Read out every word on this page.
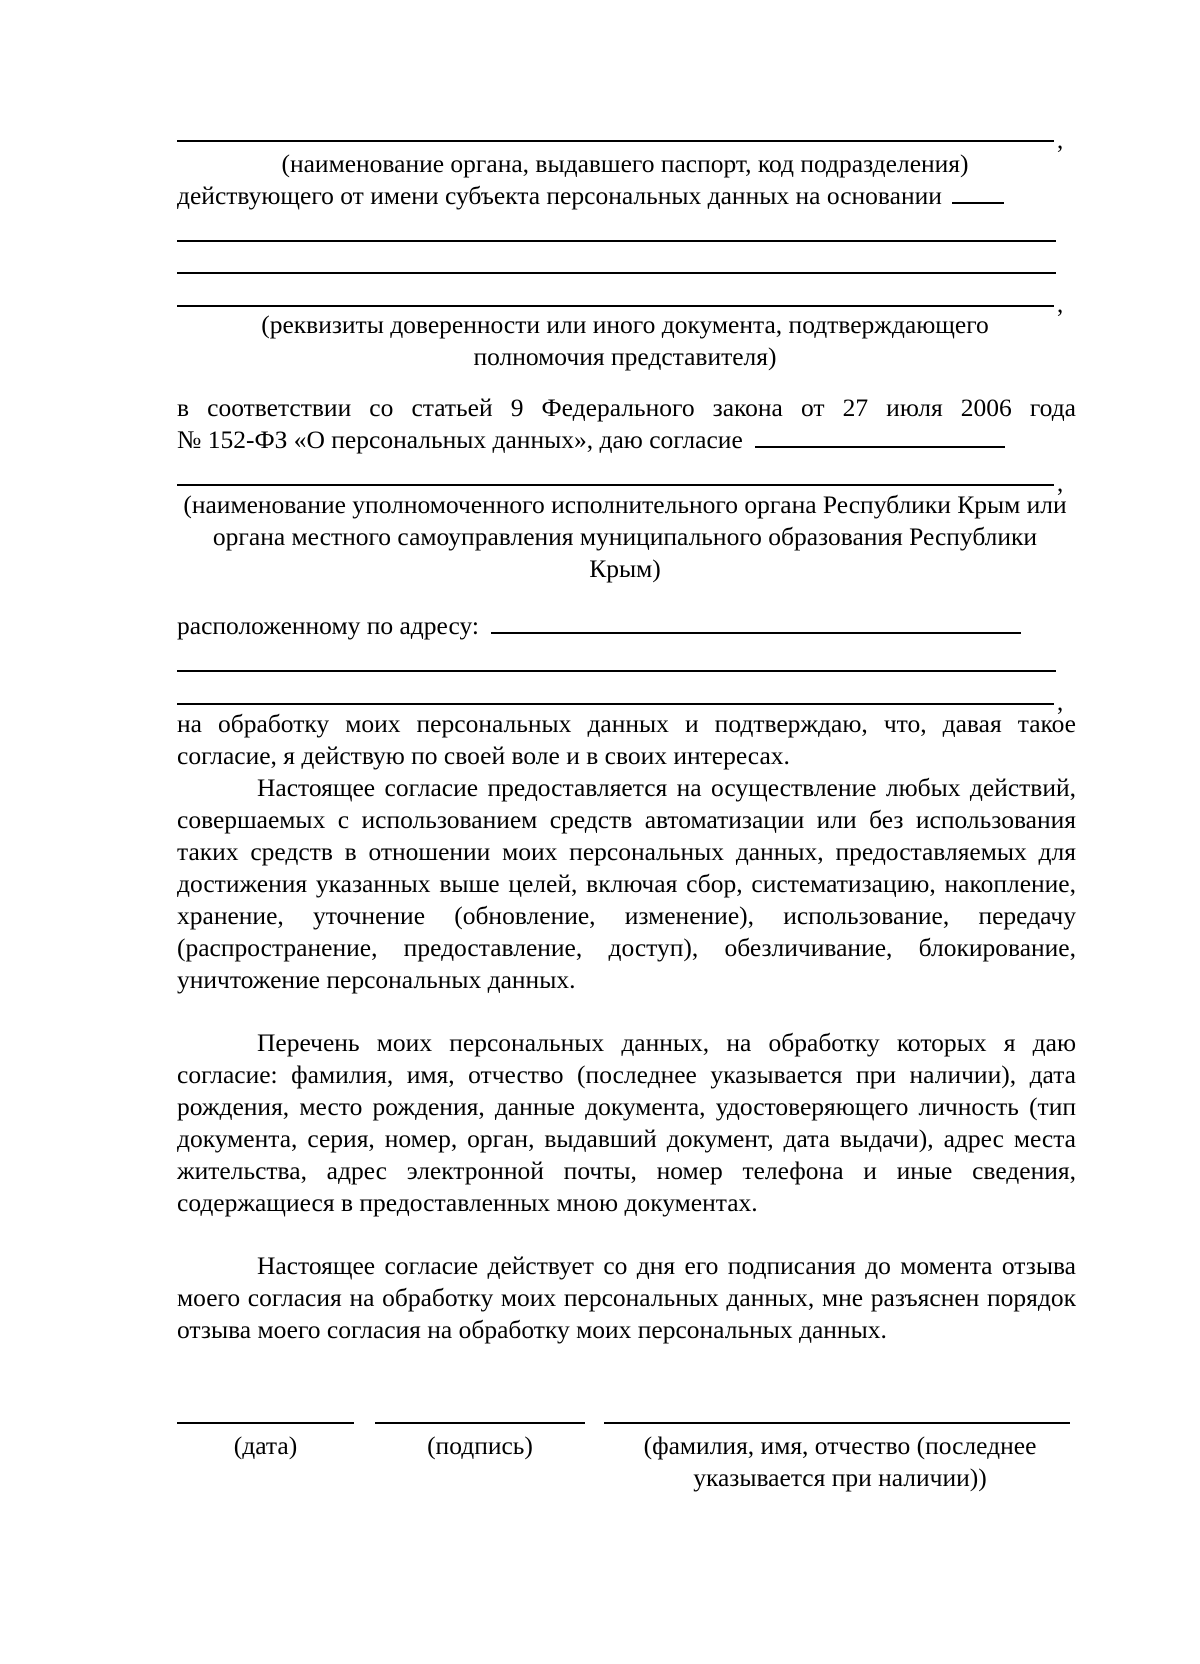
,
(наименование органа, выдавшего паспорт, код подразделения)
действующего от имени субъекта персональных данных на основании
,
(реквизиты доверенности или иного документа, подтверждающего полномочия представителя)
в соответствии со статьей 9 Федерального закона от 27 июля 2006 года
№ 152-ФЗ «О персональных данных», даю согласие
,
(наименование уполномоченного исполнительного органа Республики Крым или органа местного самоуправления муниципального образования Республики Крым)
расположенному по адресу:
,
на обработку моих персональных данных и подтверждаю, что, давая такое согласие, я действую по своей воле и в своих интересах.
Настоящее согласие предоставляется на осуществление любых действий, совершаемых с использованием средств автоматизации или без использования таких средств в отношении моих персональных данных, предоставляемых для достижения указанных выше целей, включая сбор, систематизацию, накопление, хранение, уточнение (обновление, изменение), использование, передачу (распространение, предоставление, доступ), обезличивание, блокирование, уничтожение персональных данных.
Перечень моих персональных данных, на обработку которых я даю согласие: фамилия, имя, отчество (последнее указывается при наличии), дата рождения, место рождения, данные документа, удостоверяющего личность (тип документа, серия, номер, орган, выдавший документ, дата выдачи), адрес места жительства, адрес электронной почты, номер телефона и иные сведения, содержащиеся в предоставленных мною документах.
Настоящее согласие действует со дня его подписания до момента отзыва моего согласия на обработку моих персональных данных, мне разъяснен порядок отзыва моего согласия на обработку моих персональных данных.
(дата)	(подпись)	(фамилия, имя, отчество (последнее указывается при наличии))
